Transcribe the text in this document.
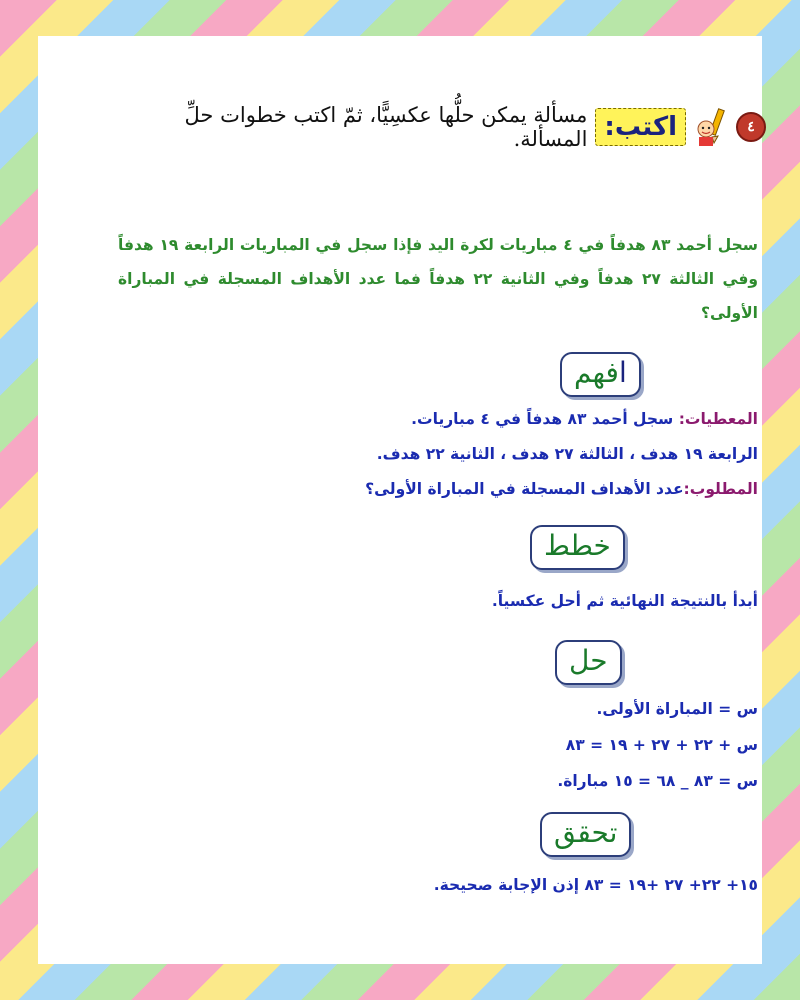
٤
اكتب:
مسألة يمكن حلُّها عكسِيًّا، ثمّ اكتب خطوات حلِّ المسألة.
سجل أحمد ٨٣ هدفاً في ٤ مباريات لكرة اليد فإذا سجل في المباريات الرابعة ١٩ هدفاً وفي الثالثة ٢٧ هدفاً وفي الثانية ٢٢ هدفاً فما عدد الأهداف المسجلة في المباراة الأولى؟
افهم
المعطيات: سجل أحمد ٨٣ هدفاً في ٤ مباريات.
الرابعة ١٩ هدف ، الثالثة ٢٧ هدف ، الثانية ٢٢ هدف.
المطلوب:عدد الأهداف المسجلة في المباراة الأولى؟
خطط
أبدأ بالنتيجة النهائية ثم أحل عكسياً.
حل
س = المباراة الأولى.
س + ٢٢ + ٢٧ + ١٩ = ٨٣
س = ٨٣ _ ٦٨ = ١٥ مباراة.
تحقق
١٥+ ٢٢+ ٢٧ +١٩ = ٨٣ إذن الإجابة صحيحة.
